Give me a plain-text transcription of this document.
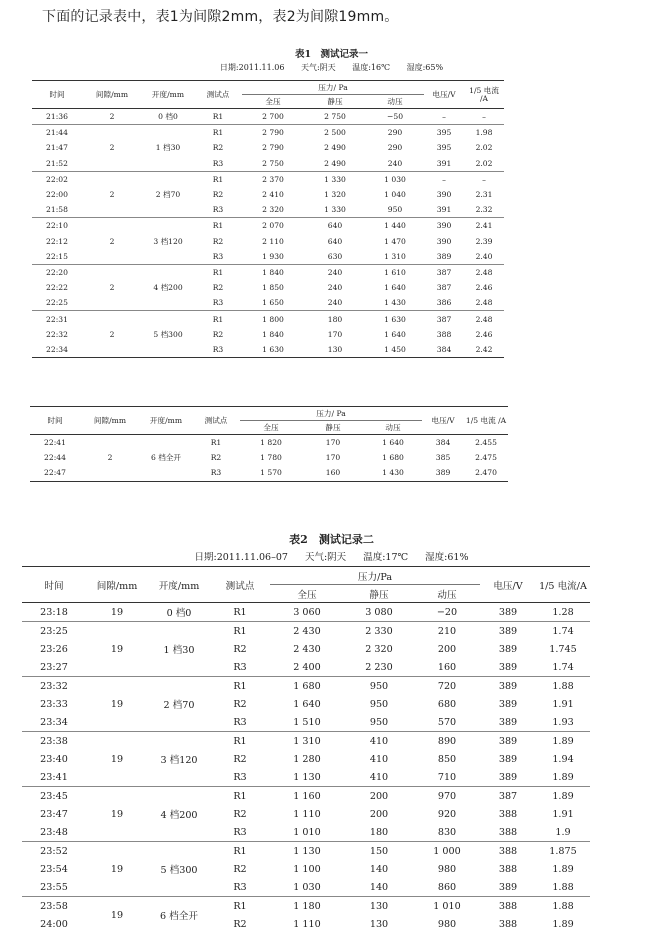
下面的记录表中，表1为间隙2mm，表2为间隙19mm。
表1　测试记录一
日期:2011.11.06 天气:阴天 温度:16℃ 湿度:65%
时间	间隙/mm	开度/mm	测试点	压力/ Pa			电压/V	1/5 电流 /A
				全压	静压	动压		
21:36	2	0 档0	R1	2 700	2 750	−50	–	–
21:44	2	1 档30	R1	2 790	2 500	290	395	1.98
21:47			R2	2 790	2 490	290	395	2.02
21:52			R3	2 750	2 490	240	391	2.02
22:02	2	2 档70	R1	2 370	1 330	1 030	–	–
22:00			R2	2 410	1 320	1 040	390	2.31
21:58			R3	2 320	1 330	950	391	2.32
22:10	2	3 档120	R1	2 070	640	1 440	390	2.41
22:12			R2	2 110	640	1 470	390	2.39
22:15			R3	1 930	630	1 310	389	2.40
22:20	2	4 档200	R1	1 840	240	1 610	387	2.48
22:22			R2	1 850	240	1 640	387	2.46
22:25			R3	1 650	240	1 430	386	2.48
22:31	2	5 档300	R1	1 800	180	1 630	387	2.48
22:32			R2	1 840	170	1 640	388	2.46
22:34			R3	1 630	130	1 450	384	2.42
时间	间隙/mm	开度/mm	测试点	压力/ Pa			电压/V	1/5 电流 /A
				全压	静压	动压		
22:41	2	6 档全开	R1	1 820	170	1 640	384	2.455
22:44			R2	1 780	170	1 680	385	2.475
22:47			R3	1 570	160	1 430	389	2.470
表2　测试记录二
日期:2011.11.06–07 天气:阴天 温度:17℃ 湿度:61%
时间	间隙/mm	开度/mm	测试点	压力/Pa			电压/V	1/5 电流/A
				全压	静压	动压		
23:18	19	0 档0	R1	3 060	3 080	−20	389	1.28
23:25	19	1 档30	R1	2 430	2 330	210	389	1.74
23:26			R2	2 430	2 320	200	389	1.745
23:27			R3	2 400	2 230	160	389	1.74
23:32	19	2 档70	R1	1 680	950	720	389	1.88
23:33			R2	1 640	950	680	389	1.91
23:34			R3	1 510	950	570	389	1.93
23:38	19	3 档120	R1	1 310	410	890	389	1.89
23:40			R2	1 280	410	850	389	1.94
23:41			R3	1 130	410	710	389	1.89
23:45	19	4 档200	R1	1 160	200	970	387	1.89
23:47			R2	1 110	200	920	388	1.91
23:48			R3	1 010	180	830	388	1.9
23:52	19	5 档300	R1	1 130	150	1 000	388	1.875
23:54			R2	1 100	140	980	388	1.89
23:55			R3	1 030	140	860	389	1.88
23:58	19	6 档全开	R1	1 180	130	1 010	388	1.88
24:00			R2	1 110	130	980	388	1.89
